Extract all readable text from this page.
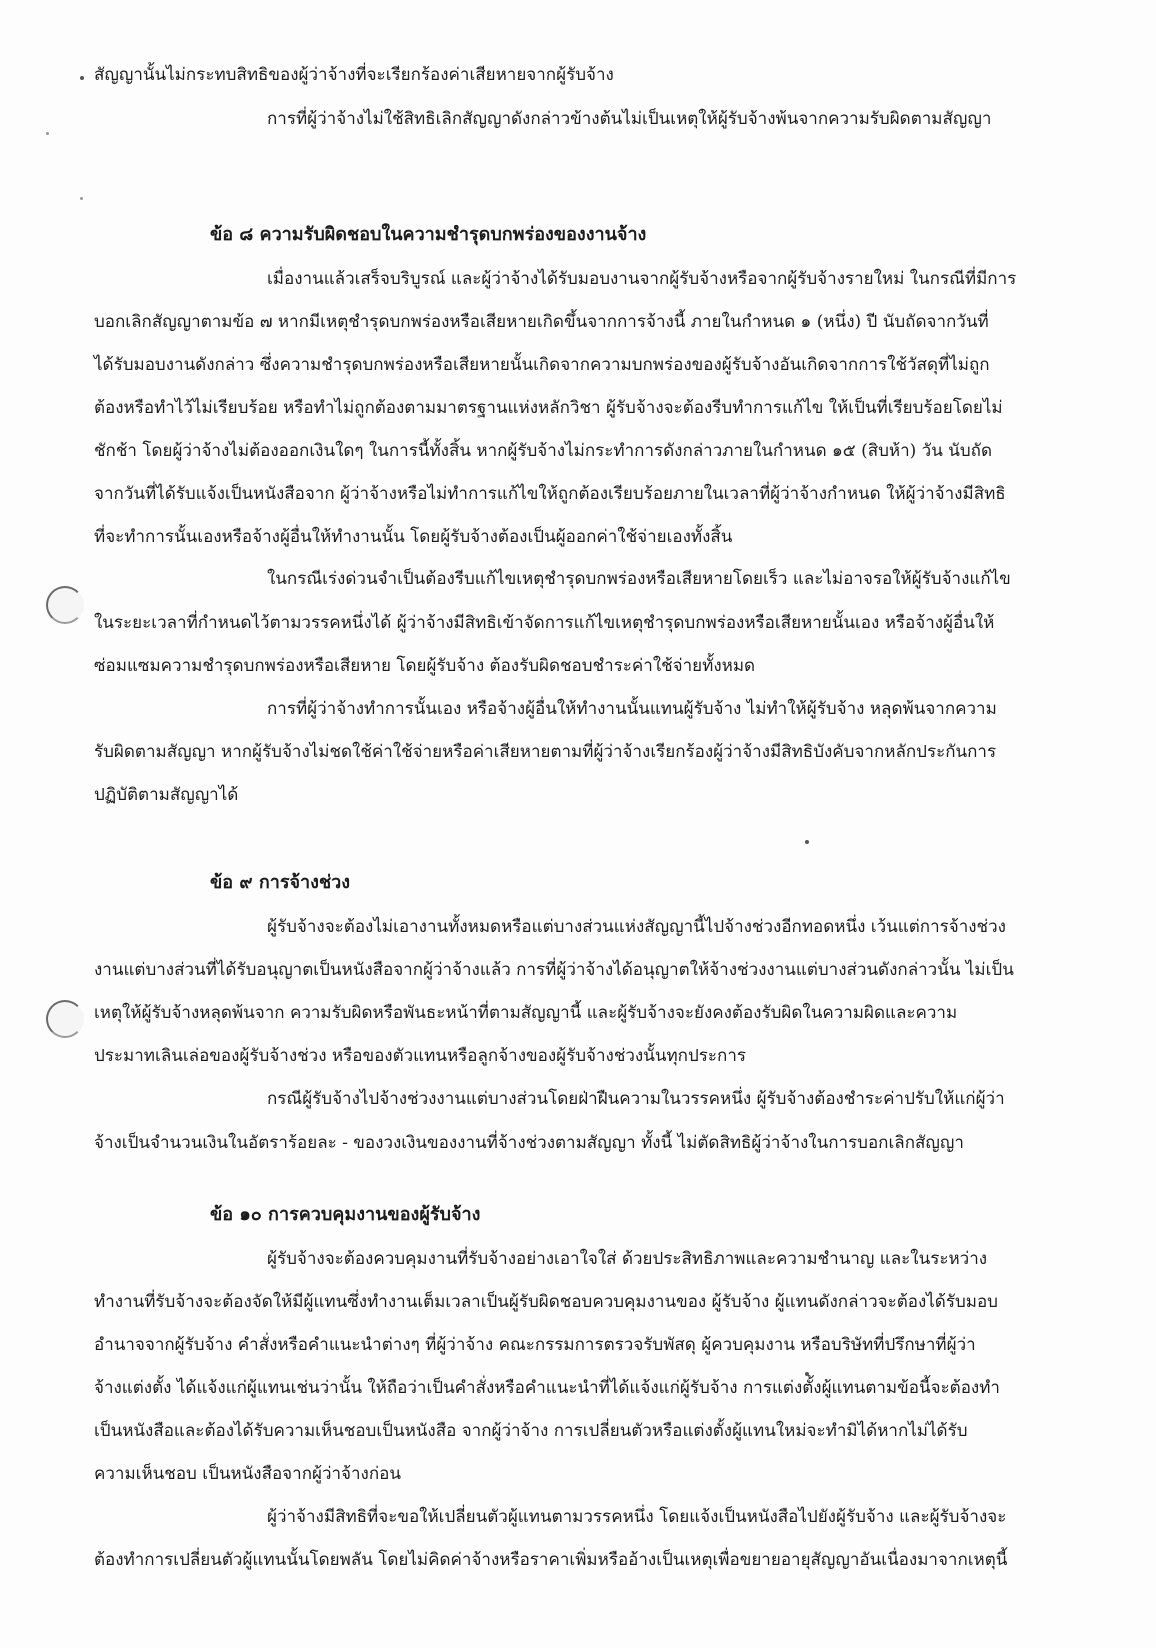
สัญญานั้นไม่กระทบสิทธิของผู้ว่าจ้างที่จะเรียกร้องค่าเสียหายจากผู้รับจ้าง
การที่ผู้ว่าจ้างไม่ใช้สิทธิเลิกสัญญาดังกล่าวข้างต้นไม่เป็นเหตุให้ผู้รับจ้างพ้นจากความรับผิดตามสัญญา
ข้อ ๘ ความรับผิดชอบในความชำรุดบกพร่องของงานจ้าง
เมื่องานแล้วเสร็จบริบูรณ์ และผู้ว่าจ้างได้รับมอบงานจากผู้รับจ้างหรือจากผู้รับจ้างรายใหม่ ในกรณีที่มีการ
บอกเลิกสัญญาตามข้อ ๗ หากมีเหตุชำรุดบกพร่องหรือเสียหายเกิดขึ้นจากการจ้างนี้ ภายในกำหนด ๑ (หนึ่ง) ปี นับถัดจากวันที่
ได้รับมอบงานดังกล่าว ซึ่งความชำรุดบกพร่องหรือเสียหายนั้นเกิดจากความบกพร่องของผู้รับจ้างอันเกิดจากการใช้วัสดุที่ไม่ถูก
ต้องหรือทำไว้ไม่เรียบร้อย หรือทำไม่ถูกต้องตามมาตรฐานแห่งหลักวิชา ผู้รับจ้างจะต้องรีบทำการแก้ไข ให้เป็นที่เรียบร้อยโดยไม่
ชักช้า โดยผู้ว่าจ้างไม่ต้องออกเงินใดๆ ในการนี้ทั้งสิ้น หากผู้รับจ้างไม่กระทำการดังกล่าวภายในกำหนด ๑๕ (สิบห้า) วัน นับถัด
จากวันที่ได้รับแจ้งเป็นหนังสือจาก ผู้ว่าจ้างหรือไม่ทำการแก้ไขให้ถูกต้องเรียบร้อยภายในเวลาที่ผู้ว่าจ้างกำหนด ให้ผู้ว่าจ้างมีสิทธิ
ที่จะทำการนั้นเองหรือจ้างผู้อื่นให้ทำงานนั้น โดยผู้รับจ้างต้องเป็นผู้ออกค่าใช้จ่ายเองทั้งสิ้น
ในกรณีเร่งด่วนจำเป็นต้องรีบแก้ไขเหตุชำรุดบกพร่องหรือเสียหายโดยเร็ว และไม่อาจรอให้ผู้รับจ้างแก้ไข
ในระยะเวลาที่กำหนดไว้ตามวรรคหนึ่งได้ ผู้ว่าจ้างมีสิทธิเข้าจัดการแก้ไขเหตุชำรุดบกพร่องหรือเสียหายนั้นเอง หรือจ้างผู้อื่นให้
ซ่อมแซมความชำรุดบกพร่องหรือเสียหาย โดยผู้รับจ้าง ต้องรับผิดชอบชำระค่าใช้จ่ายทั้งหมด
การที่ผู้ว่าจ้างทำการนั้นเอง หรือจ้างผู้อื่นให้ทำงานนั้นแทนผู้รับจ้าง ไม่ทำให้ผู้รับจ้าง หลุดพ้นจากความ
รับผิดตามสัญญา หากผู้รับจ้างไม่ชดใช้ค่าใช้จ่ายหรือค่าเสียหายตามที่ผู้ว่าจ้างเรียกร้องผู้ว่าจ้างมีสิทธิบังคับจากหลักประกันการ
ปฏิบัติตามสัญญาได้
ข้อ ๙ การจ้างช่วง
ผู้รับจ้างจะต้องไม่เอางานทั้งหมดหรือแต่บางส่วนแห่งสัญญานี้ไปจ้างช่วงอีกทอดหนึ่ง เว้นแต่การจ้างช่วง
งานแต่บางส่วนที่ได้รับอนุญาตเป็นหนังสือจากผู้ว่าจ้างแล้ว การที่ผู้ว่าจ้างได้อนุญาตให้จ้างช่วงงานแต่บางส่วนดังกล่าวนั้น ไม่เป็น
เหตุให้ผู้รับจ้างหลุดพ้นจาก ความรับผิดหรือพันธะหน้าที่ตามสัญญานี้ และผู้รับจ้างจะยังคงต้องรับผิดในความผิดและความ
ประมาทเลินเล่อของผู้รับจ้างช่วง หรือของตัวแทนหรือลูกจ้างของผู้รับจ้างช่วงนั้นทุกประการ
กรณีผู้รับจ้างไปจ้างช่วงงานแต่บางส่วนโดยฝ่าฝืนความในวรรคหนึ่ง ผู้รับจ้างต้องชำระค่าปรับให้แก่ผู้ว่า
จ้างเป็นจำนวนเงินในอัตราร้อยละ - ของวงเงินของงานที่จ้างช่วงตามสัญญา ทั้งนี้ ไม่ตัดสิทธิผู้ว่าจ้างในการบอกเลิกสัญญา
ข้อ ๑๐ การควบคุมงานของผู้รับจ้าง
ผู้รับจ้างจะต้องควบคุมงานที่รับจ้างอย่างเอาใจใส่ ด้วยประสิทธิภาพและความชำนาญ และในระหว่าง
ทำงานที่รับจ้างจะต้องจัดให้มีผู้แทนซึ่งทำงานเต็มเวลาเป็นผู้รับผิดชอบควบคุมงานของ ผู้รับจ้าง ผู้แทนดังกล่าวจะต้องได้รับมอบ
อำนาจจากผู้รับจ้าง คำสั่งหรือคำแนะนำต่างๆ ที่ผู้ว่าจ้าง คณะกรรมการตรวจรับพัสดุ ผู้ควบคุมงาน หรือบริษัทที่ปรึกษาที่ผู้ว่า
จ้างแต่งตั้ง ได้แจ้งแก่ผู้แทนเช่นว่านั้น ให้ถือว่าเป็นคำสั่งหรือคำแนะนำที่ได้แจ้งแก่ผู้รับจ้าง การแต่งตั้งผู้แทนตามข้อนี้จะต้องทำ
เป็นหนังสือและต้องได้รับความเห็นชอบเป็นหนังสือ จากผู้ว่าจ้าง การเปลี่ยนตัวหรือแต่งตั้งผู้แทนใหม่จะทำมิได้หากไม่ได้รับ
ความเห็นชอบ เป็นหนังสือจากผู้ว่าจ้างก่อน
ผู้ว่าจ้างมีสิทธิที่จะขอให้เปลี่ยนตัวผู้แทนตามวรรคหนึ่ง โดยแจ้งเป็นหนังสือไปยังผู้รับจ้าง และผู้รับจ้างจะ
ต้องทำการเปลี่ยนตัวผู้แทนนั้นโดยพลัน โดยไม่คิดค่าจ้างหรือราคาเพิ่มหรืออ้างเป็นเหตุเพื่อขยายอายุสัญญาอันเนื่องมาจากเหตุนี้
